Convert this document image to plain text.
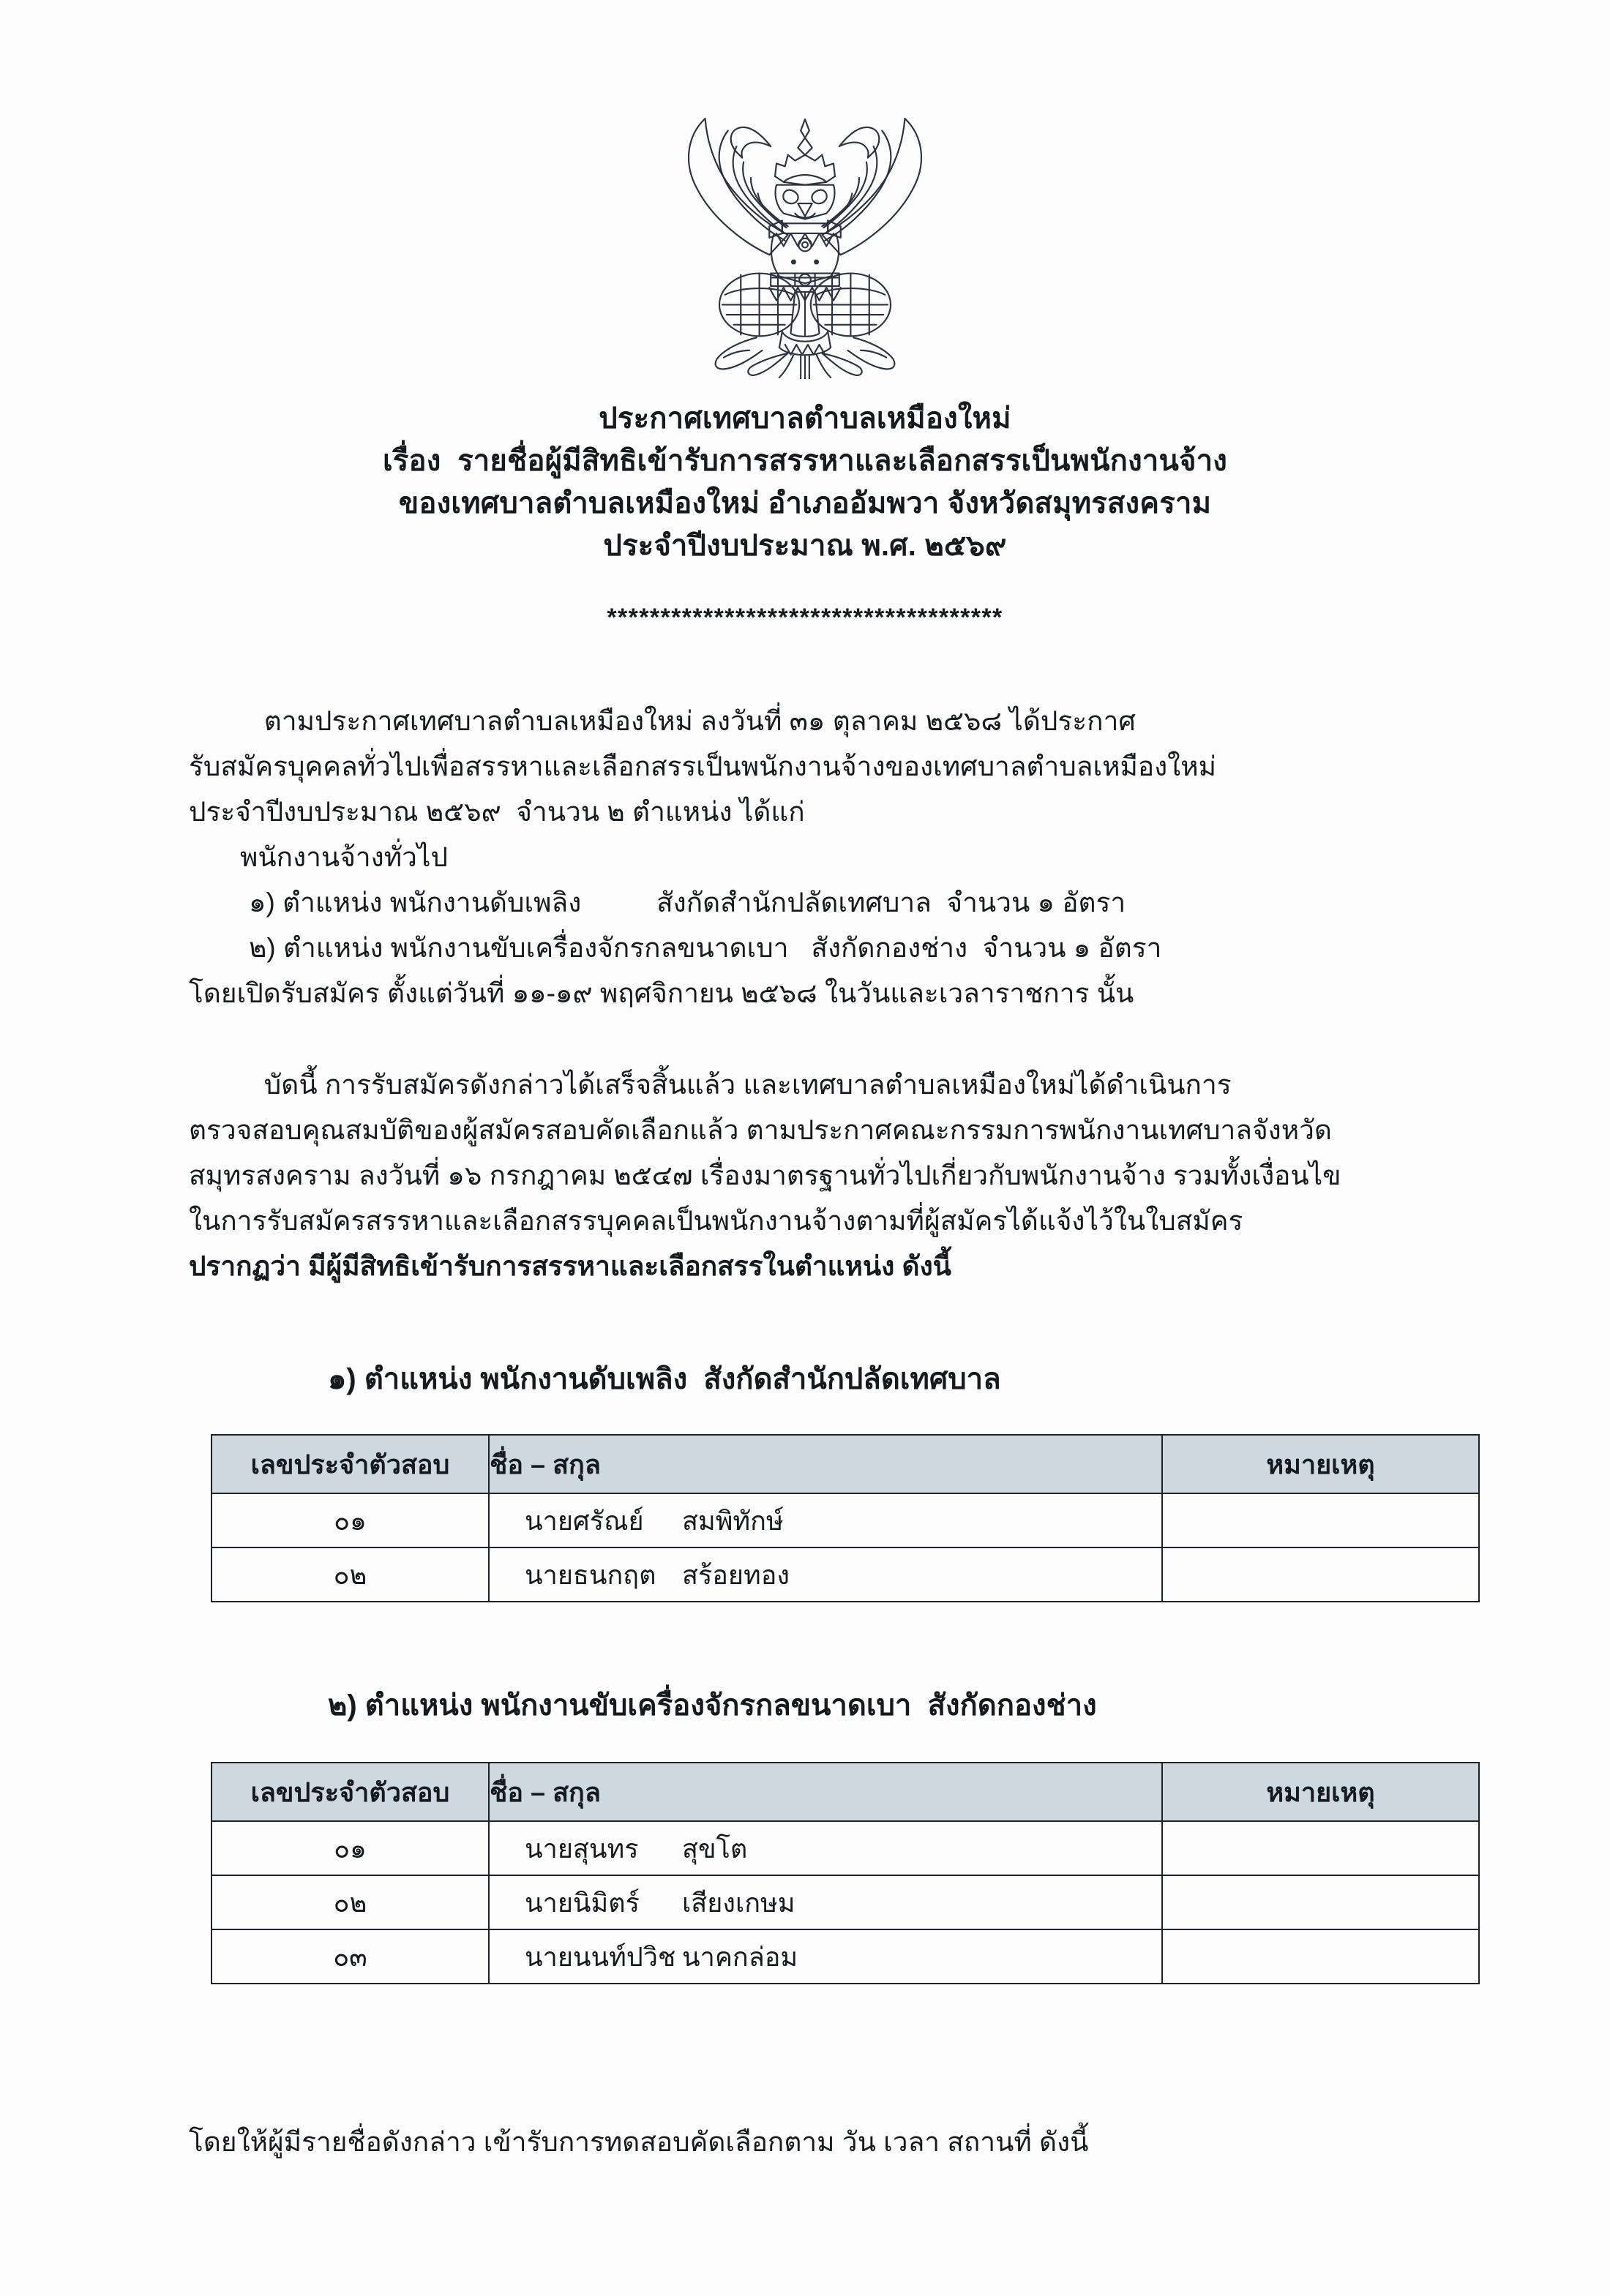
ประกาศเทศบาลตำบลเหมืองใหม่
เรื่อง  รายชื่อผู้มีสิทธิเข้ารับการสรรหาและเลือกสรรเป็นพนักงานจ้าง
ของเทศบาลตำบลเหมืองใหม่ อำเภออัมพวา จังหวัดสมุทรสงคราม
ประจำปีงบประมาณ พ.ศ. ๒๕๖๙
*************************************
ตามประกาศเทศบาลตำบลเหมืองใหม่ ลงวันที่ ๓๑ ตุลาคม ๒๕๖๘ ได้ประกาศ
รับสมัครบุคคลทั่วไปเพื่อสรรหาและเลือกสรรเป็นพนักงานจ้างของเทศบาลตำบลเหมืองใหม่
ประจำปีงบประมาณ ๒๕๖๙  จำนวน ๒ ตำแหน่ง ได้แก่
พนักงานจ้างทั่วไป
๑) ตำแหน่ง พนักงานดับเพลิง          สังกัดสำนักปลัดเทศบาล  จำนวน ๑ อัตรา
๒) ตำแหน่ง พนักงานขับเครื่องจักรกลขนาดเบา   สังกัดกองช่าง  จำนวน ๑ อัตรา
โดยเปิดรับสมัคร ตั้งแต่วันที่ ๑๑-๑๙ พฤศจิกายน ๒๕๖๘ ในวันและเวลาราชการ นั้น
บัดนี้ การรับสมัครดังกล่าวได้เสร็จสิ้นแล้ว และเทศบาลตำบลเหมืองใหม่ได้ดำเนินการ
ตรวจสอบคุณสมบัติของผู้สมัครสอบคัดเลือกแล้ว ตามประกาศคณะกรรมการพนักงานเทศบาลจังหวัด
สมุทรสงคราม ลงวันที่ ๑๖ กรกฎาคม ๒๕๔๗ เรื่องมาตรฐานทั่วไปเกี่ยวกับพนักงานจ้าง รวมทั้งเงื่อนไข
ในการรับสมัครสรรหาและเลือกสรรบุคคลเป็นพนักงานจ้างตามที่ผู้สมัครได้แจ้งไว้ในใบสมัคร
ปรากฏว่า มีผู้มีสิทธิเข้ารับการสรรหาและเลือกสรรในตำแหน่ง ดังนี้
๑) ตำแหน่ง พนักงานดับเพลิง  สังกัดสำนักปลัดเทศบาล
เลขประจำตัวสอบ	ชื่อ – สกุล	หมายเหตุ
๐๑	นายศรัณย์ สมพิทักษ์	

๐๒	นายธนกฤต สร้อยทอง	

๒) ตำแหน่ง พนักงานขับเครื่องจักรกลขนาดเบา  สังกัดกองช่าง
เลขประจำตัวสอบ	ชื่อ – สกุล	หมายเหตุ
๐๑	นายสุนทร สุขโต	

๐๒	นายนิมิตร์ เสียงเกษม	

๐๓	นายนนท์ปวิช นาคกล่อม	

โดยให้ผู้มีรายชื่อดังกล่าว เข้ารับการทดสอบคัดเลือกตาม วัน เวลา สถานที่ ดังนี้
